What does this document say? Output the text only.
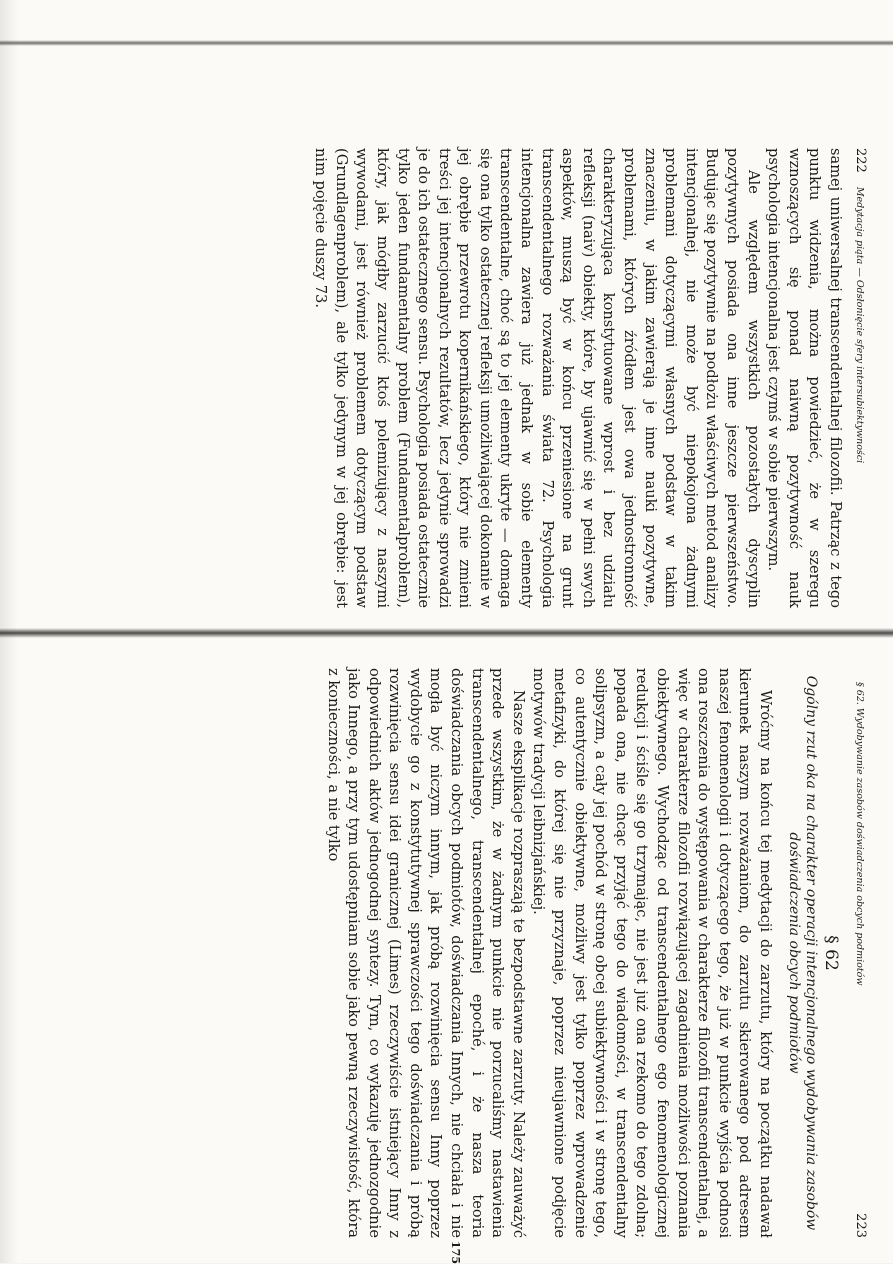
222
Medytacja piąta — Odsłonięcie sfery intersubiektywności

samej uniwersalnej transcendentalnej filozofii. Patrząc z tego punktu widzenia, można powiedzieć, że w szeregu wznoszących się ponad naiwną pozytywność nauk psychologia intencjonalna jest czymś w sobie pierwszym.

Ale względem wszystkich pozostałych dyscyplin pozytywnych posiada ona inne jeszcze pierwszeństwo. Budując się pozytywnie na podłożu właściwych metod analizy intencjonalnej, nie może być niepokojona żadnymi problemami dotyczącymi własnych podstaw w takim znaczeniu, w jakim zawierają je inne nauki pozytywne, problemami, których źródłem jest owa jednostronność charakteryzująca konstytuowane wprost i bez udziału refleksji (naiv) obiekty, które, by ujawnić się w pełni swych aspektów, muszą być w końcu przeniesione na grunt transcendentalnego rozważania świata 72. Psychologia intencjonalna zawiera już jednak w sobie elementy transcendentalne, choć są to jej elementy ukryte — domaga się ona tylko ostatecznej refleksji umożliwiającej dokonanie w jej obrębie przewrotu kopernikańskiego, który nie zmieni treści jej intencjonalnych rezultatów, lecz jedynie sprowadzi je do ich ostatecznego sensu. Psychologia posiada ostatecznie tylko jeden fundamentalny problem (Fundamentalproblem), który, jak mógłby zarzucić ktoś polemizujący z naszymi wywodami, jest również problemem dotyczącym podstaw (Grundlagenproblem), ale tylko jedynym w jej obrębie: jest nim pojęcie duszy 73.

§ 62. Wydobywanie zasobów doświadczenia obcych podmiotów
223
§ 62
Ogólny rzut oka na charakter operacji intencjonalnego wydobywania zasobów doświadczenia obcych podmiotów

Wróćmy na końcu tej medytacji do zarzutu, który na początku nadawał kierunek naszym rozważaniom, do zarzutu skierowanego pod adresem naszej fenomenologii i dotyczącego tego, że już w punkcie wyjścia podnosi ona roszczenia do występowania w charakterze filozofii transcendentalnej, a więc w charakterze filozofii rozwiązującej zagadnienia możliwości poznania obiektywnego. Wychodząc od transcendentalnego ego fenomenologicznej redukcji i ściśle się go trzymając, nie jest już ona rzekomo do tego zdolna; popada ona, nie chcąc przyjąć tego do wiadomości, w transcendentalny solipsyzm, a cały jej pochód w stronę obcej subiektywności i w stronę tego, co autentycznie obiektywne, możliwy jest tylko poprzez wprowadzenie metafizyki, do której się nie przyznaje, poprzez nieujawnione podjęcie motywów tradycji leibnizjańskiej.

Nasze eksplikacje rozpraszają te bezpodstawne zarzuty. Należy zauważyć przede wszystkim, że w żadnym punkcie nie porzucaliśmy nastawienia transcendentalnego, transcendentalnej epoché, i że nasza teoria doświadczania obcych podmiotów, doświadczania Innych, nie chciała i nie mogła być niczym innym, jak próbą rozwinięcia sensu Inny poprzez wydobycie go z konstytutywnej sprawczości tego doświadczania i próbą rozwinięcia sensu idei granicznej (Limes) rzeczywiście istniejący Inny z odpowiednich aktów jednogodnej syntezy. Tym, co wykazuję jednozgodnie jako Innego, a przy tym udostępniam sobie jako pewną rzeczywistość, która z konieczności, a nie tylko

175
